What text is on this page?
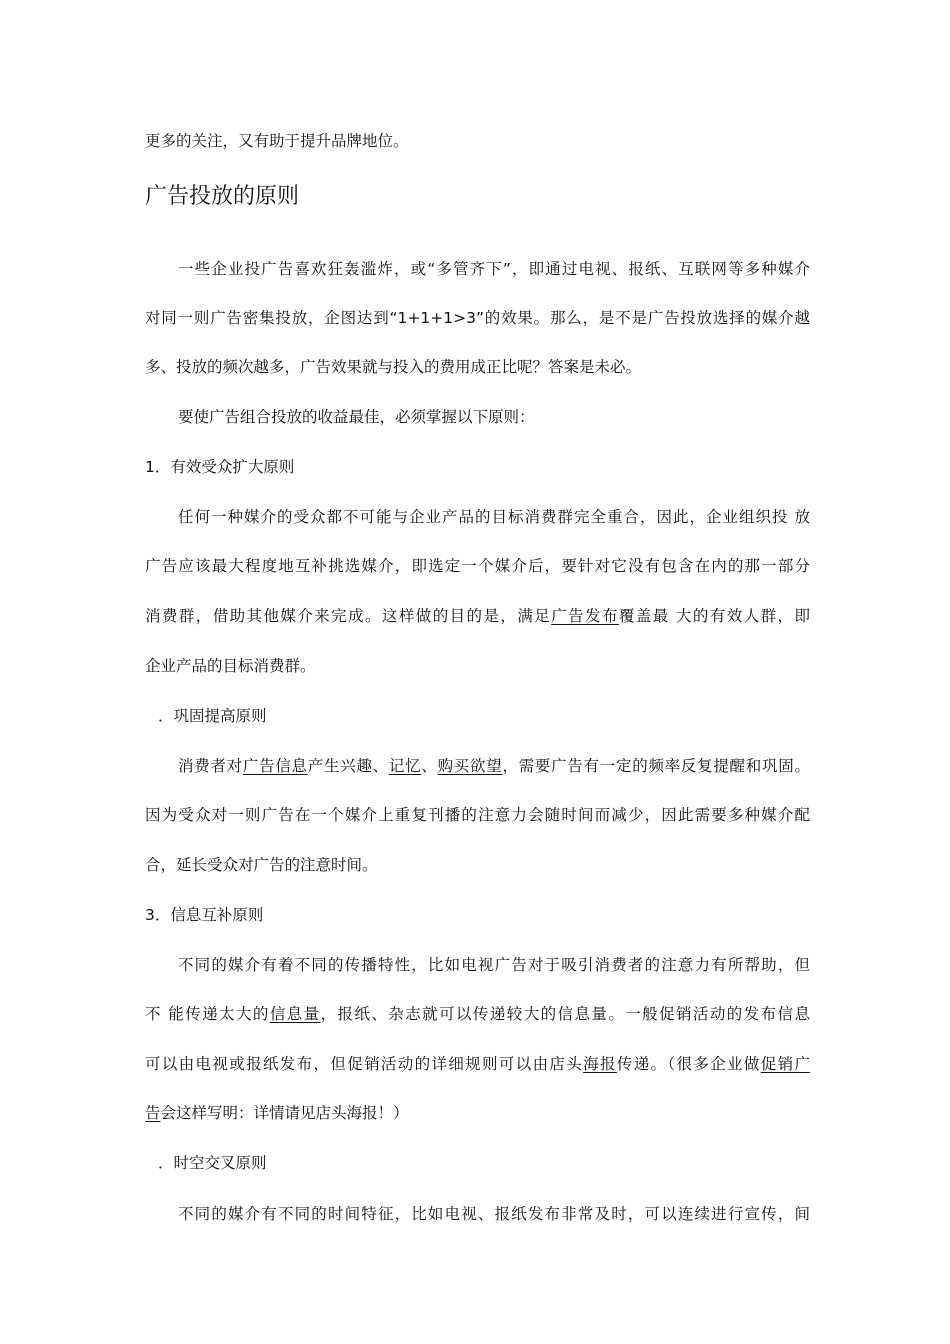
更多的关注，又有助于提升品牌地位。
广告投放的原则
一些企业投广告喜欢狂轰滥炸，或“多管齐下”，即通过电视、报纸、互联网等多种媒介
对同一则广告密集投放，企图达到“1+1+1>3”的效果。那么，是不是广告投放选择的媒介越
多、投放的频次越多，广告效果就与投入的费用成正比呢？答案是未必。
要使广告组合投放的收益最佳，必须掌握以下原则：
1．有效受众扩大原则
任何一种媒介的受众都不可能与企业产品的目标消费群完全重合，因此，企业组织投 放
广告应该最大程度地互补挑选媒介，即选定一个媒介后，要针对它没有包含在内的那一部分
消费群，借助其他媒介来完成。这样做的目的是，满足广告发布覆盖最 大的有效人群，即
企业产品的目标消费群。
．巩固提高原则
消费者对广告信息产生兴趣、记忆、购买欲望，需要广告有一定的频率反复提醒和巩固。
因为受众对一则广告在一个媒介上重复刊播的注意力会随时间而减少，因此需要多种媒介配
合，延长受众对广告的注意时间。
3．信息互补原则
不同的媒介有着不同的传播特性，比如电视广告对于吸引消费者的注意力有所帮助，但
不 能传递太大的信息量，报纸、杂志就可以传递较大的信息量。一般促销活动的发布信息
可以由电视或报纸发布，但促销活动的详细规则可以由店头海报传递。（很多企业做促销广
告会这样写明：详情请见店头海报！）
．时空交叉原则
不同的媒介有不同的时间特征，比如电视、报纸发布非常及时，可以连续进行宣传，间
